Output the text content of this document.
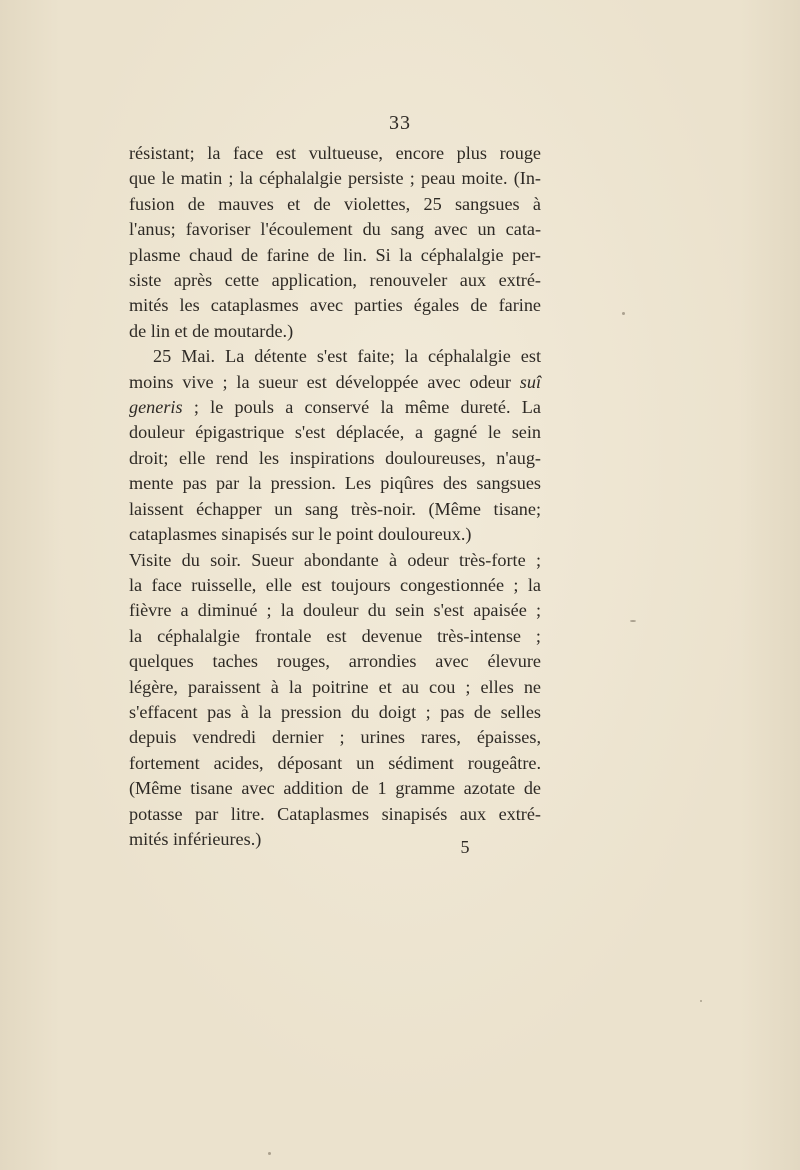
33
résistant; la face est vultueuse, encore plus rouge
que le matin ; la céphalalgie persiste ; peau moite. (In-
fusion de mauves et de violettes, 25 sangsues à
l'anus; favoriser l'écoulement du sang avec un cata-
plasme chaud de farine de lin. Si la céphalalgie per-
siste après cette application, renouveler aux extré-
mités les cataplasmes avec parties égales de farine
de lin et de moutarde.)
25 Mai. La détente s'est faite; la céphalalgie est
moins vive ; la sueur est développée avec odeur suî
generis ; le pouls a conservé la même dureté. La
douleur épigastrique s'est déplacée, a gagné le sein
droit; elle rend les inspirations douloureuses, n'aug-
mente pas par la pression. Les piqûres des sangsues
laissent échapper un sang très-noir. (Même tisane;
cataplasmes sinapisés sur le point douloureux.)
Visite du soir. Sueur abondante à odeur très-forte ;
la face ruisselle, elle est toujours congestionnée ; la
fièvre a diminué ; la douleur du sein s'est apaisée ;
la céphalalgie frontale est devenue très-intense ;
quelques taches rouges, arrondies avec élevure
légère, paraissent à la poitrine et au cou ; elles ne
s'effacent pas à la pression du doigt ; pas de selles
depuis vendredi dernier ; urines rares, épaisses,
fortement acides, déposant un sédiment rougeâtre.
(Même tisane avec addition de 1 gramme azotate de
potasse par litre. Cataplasmes sinapisés aux extré-
mités inférieures.)	5
